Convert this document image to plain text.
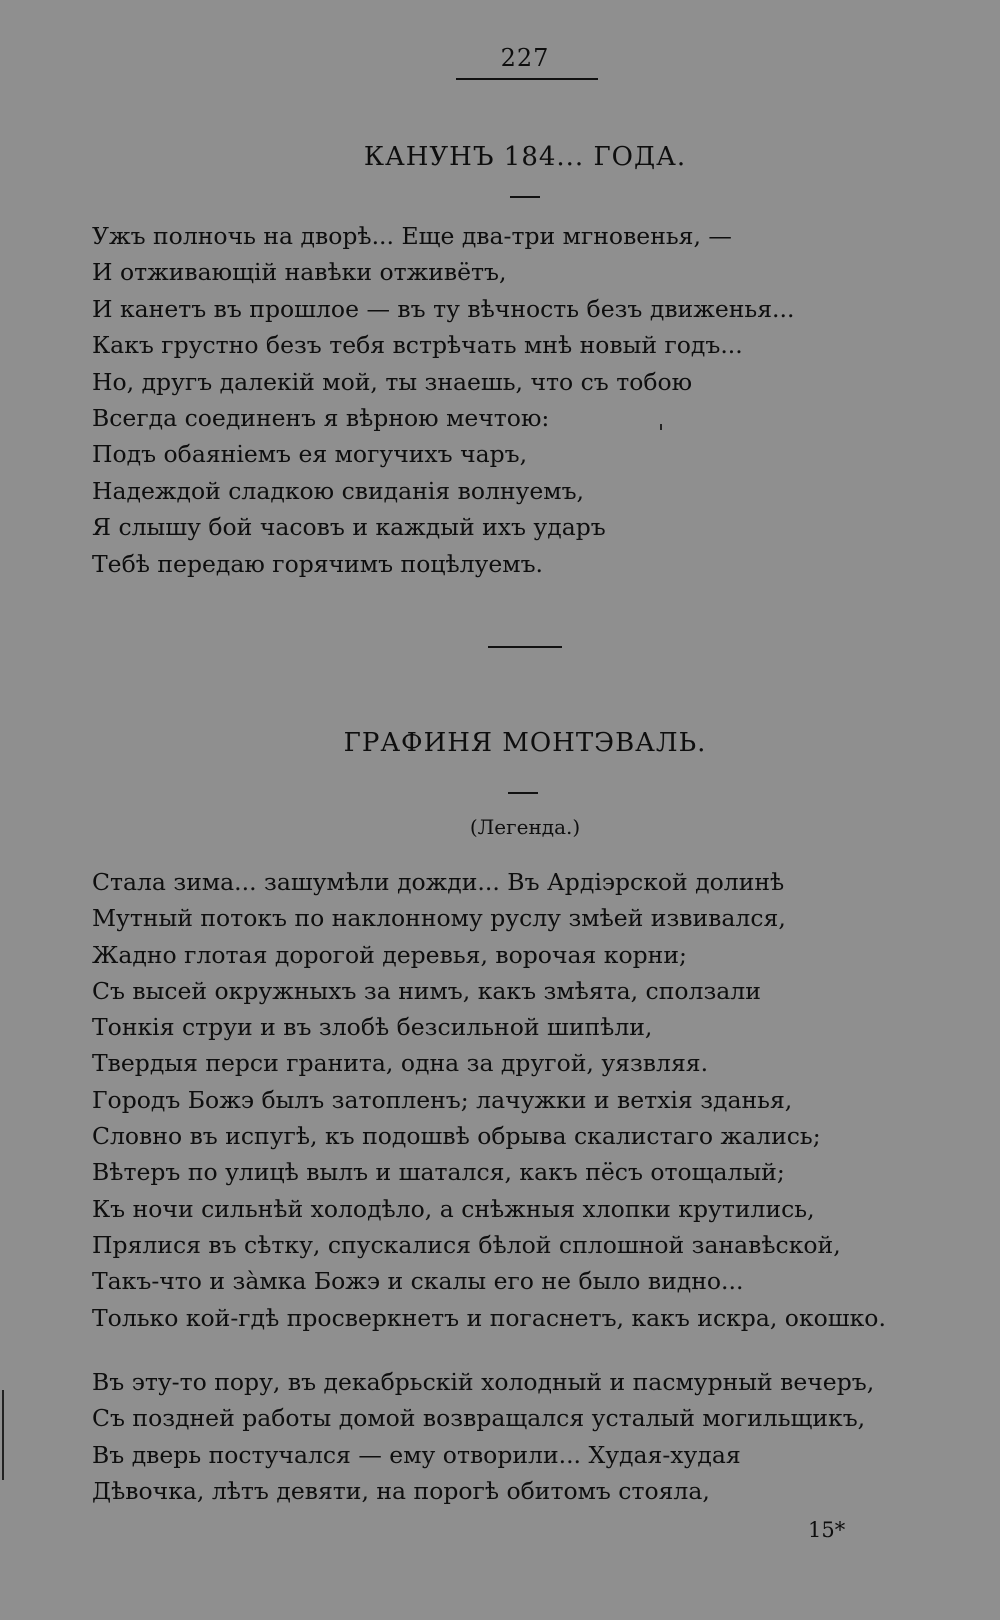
227
КАНУНЪ 184... ГОДА.
Ужъ полночь на дворѣ... Еще два-три мгновенья, —
И отживающій навѣки отживётъ,
И канетъ въ прошлое — въ ту вѣчность безъ движенья...
Какъ грустно безъ тебя встрѣчать мнѣ новый годъ...
Но, другъ далекій мой, ты знаешь, что съ тобою
Всегда соединенъ я вѣрною мечтою:
Подъ обаяніемъ ея могучихъ чаръ,
Надеждой сладкою свиданія волнуемъ,
Я слышу бой часовъ и каждый ихъ ударъ
Тебѣ передаю горячимъ поцѣлуемъ.
ГРАФИНЯ МОНТЭВАЛЬ.
(Легенда.)
Стала зима... зашумѣли дожди... Въ Ардіэрской долинѣ
Мутный потокъ по наклонному руслу змѣей извивался,
Жадно глотая дорогой деревья, ворочая корни;
Съ высей окружныхъ за нимъ, какъ змѣята, сползали
Тонкія струи и въ злобѣ безсильной шипѣли,
Твердыя перси гранита, одна за другой, уязвляя.
Городъ Божэ былъ затопленъ; лачужки и ветхія зданья,
Словно въ испугѣ, къ подошвѣ обрыва скалистаго жались;
Вѣтеръ по улицѣ вылъ и шатался, какъ пёсъ отощалый;
Къ ночи сильнѣй холодѣло, а снѣжныя хлопки крутились,
Прялися въ сѣтку, спускалися бѣлой сплошной занавѣской,
Такъ-что и зàмка Божэ и скалы его не было видно...
Только кой-гдѣ просверкнетъ и погаснетъ, какъ искра, окошко.
Въ эту-то пору, въ декабрьскій холодный и пасмурный вечеръ,
Съ поздней работы домой возвращался усталый могильщикъ,
Въ дверь постучался — ему отворили... Худая-худая
Дѣвочка, лѣтъ девяти, на порогѣ обитомъ стояла,
15*
